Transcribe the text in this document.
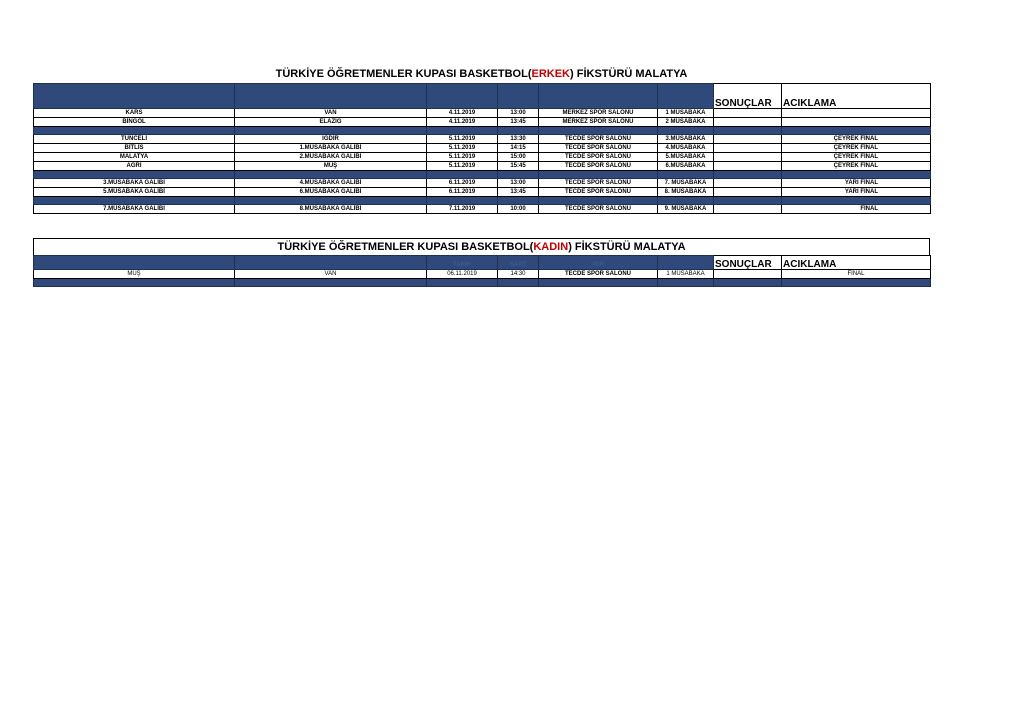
TÜRKİYE ÖĞRETMENLER KUPASI BASKETBOL(ERKEK) FİKSTÜRÜ MALATYA
						SONUÇLAR	ACIKLAMA
KARS	VAN	4.11.2019	13:00	MERKEZ SPOR SALONU	1 MÜSABAKA		
BİNGÖL	ELAZIĞ	4.11.2019	13:45	MERKEZ SPOR SALONU	2 MÜSABAKA		

TUNCELİ	IĞDIR	5.11.2019	13:30	TECDE SPOR SALONU	3.MÜSABAKA		ÇEYREK FİNAL
BİTLİS	1.MÜSABAKA GALİBİ	5.11.2019	14:15	TECDE SPOR SALONU	4.MÜSABAKA		ÇEYREK FİNAL
MALATYA	2.MÜSABAKA GALİBİ	5.11.2019	15:00	TECDE SPOR SALONU	5.MÜSABAKA		ÇEYREK FİNAL
AĞRI	MUŞ	5.11.2019	15:45	TECDE SPOR SALONU	6.MÜSABAKA		ÇEYREK FİNAL

3.MÜSABAKA GALİBİ	4.MÜSABAKA GALİBİ	6.11.2019	13:00	TECDE SPOR SALONU	7. MÜSABAKA		YARI FİNAL
5.MÜSABAKA GALİBİ	6.MÜSABAKA GALİBİ	6.11.2019	13:45	TECDE SPOR SALONU	8. MÜSABAKA		YARI FİNAL

7.MÜSABAKA GALİBİ	8.MÜSABAKA GALİBİ	7.11.2019	10:00	TECDE SPOR SALONU	9. MÜSABAKA		FİNAL
TÜRKİYE ÖĞRETMENLER KUPASI BASKETBOL(KADIN) FİKSTÜRÜ MALATYA
		TARİH	SAAT	YER		SONUÇLAR	ACIKLAMA
MUŞ	VAN	06.11.2019	14:30	TECDE SPOR SALONU	1 MÜSABAKA		FİNAL
